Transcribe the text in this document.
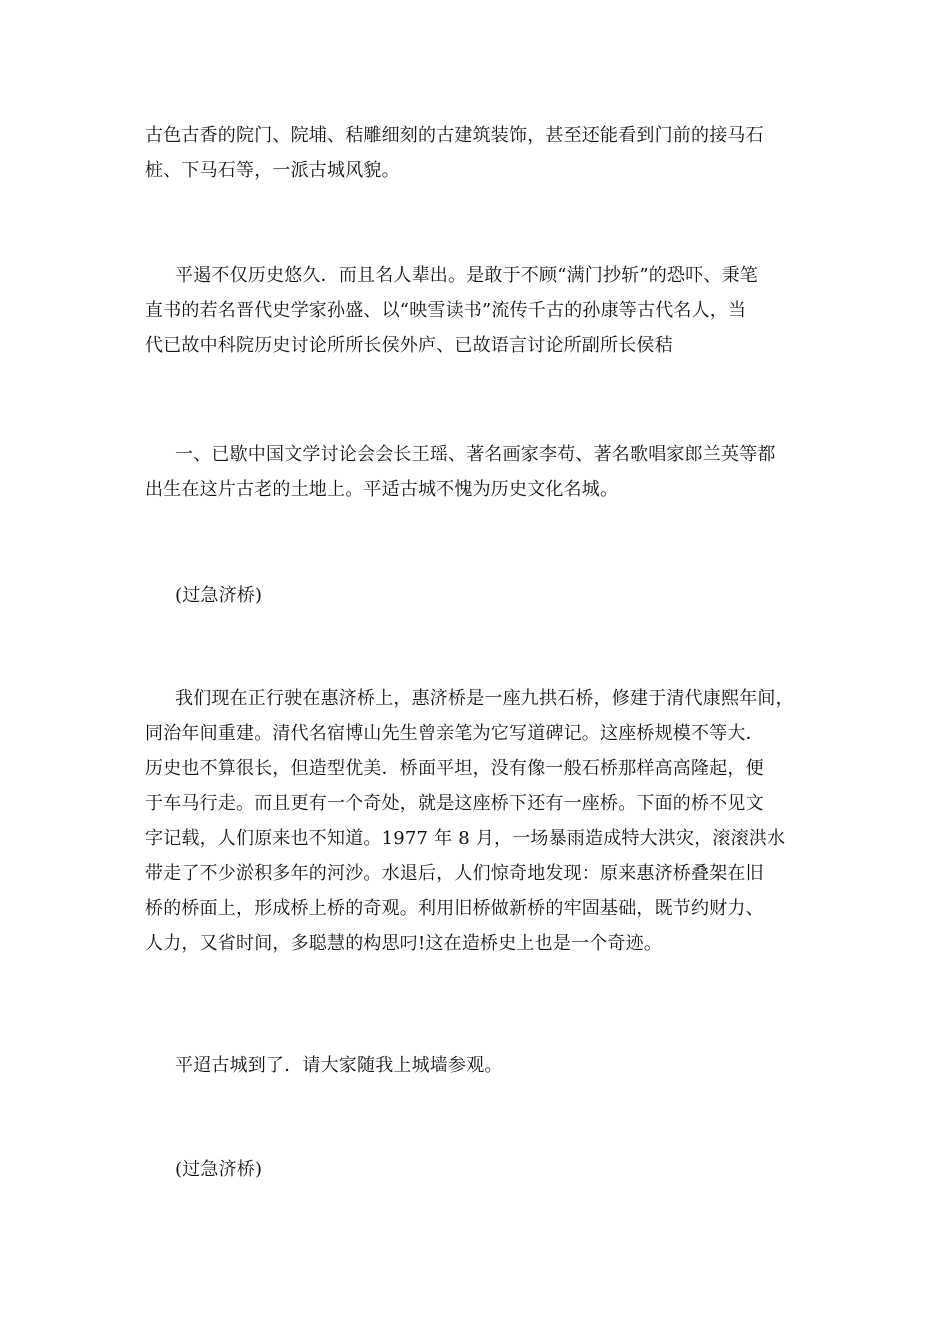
古色古香的院门、院埔、秸雕细刻的古建筑装饰，甚至还能看到门前的接马石
桩、下马石等，一派古城风貌。

平遏不仅历史悠久．而且名人辈出。是敢于不顾“满门抄斩”的恐吓、秉笔
直书的若名晋代史学家孙盛、以“映雪读书”流传千古的孙康等古代名人，当
代已故中科院历史讨论所所长侯外庐、已故语言讨论所副所长侯秸

一、已歇中国文学讨论会会长王瑶、著名画家李苟、著名歌唱家郎兰英等都
出生在这片古老的土地上。平适古城不愧为历史文化名城。

(过急济桥)

我们现在正行驶在惠济桥上，惠济桥是一座九拱石桥，修建于清代康熙年间，
同治年间重建。清代名宿博山先生曾亲笔为它写道碑记。这座桥规模不等大．
历史也不算很长，但造型优美．桥面平坦，没有像一般石桥那样高高隆起，便
于车马行走。而且更有一个奇处，就是这座桥下还有一座桥。下面的桥不见文
字记载，人们原来也不知道。1977 年 8 月，一场暴雨造成特大洪灾，滚滚洪水
带走了不少淤积多年的河沙。水退后，人们惊奇地发现：原来惠济桥叠架在旧
桥的桥面上，形成桥上桥的奇观。利用旧桥做新桥的牢固基础，既节约财力、
人力，又省时间，多聪慧的构思叼!这在造桥史上也是一个奇迹。

平迢古城到了．请大家随我上城墙参观。

(过急济桥)
